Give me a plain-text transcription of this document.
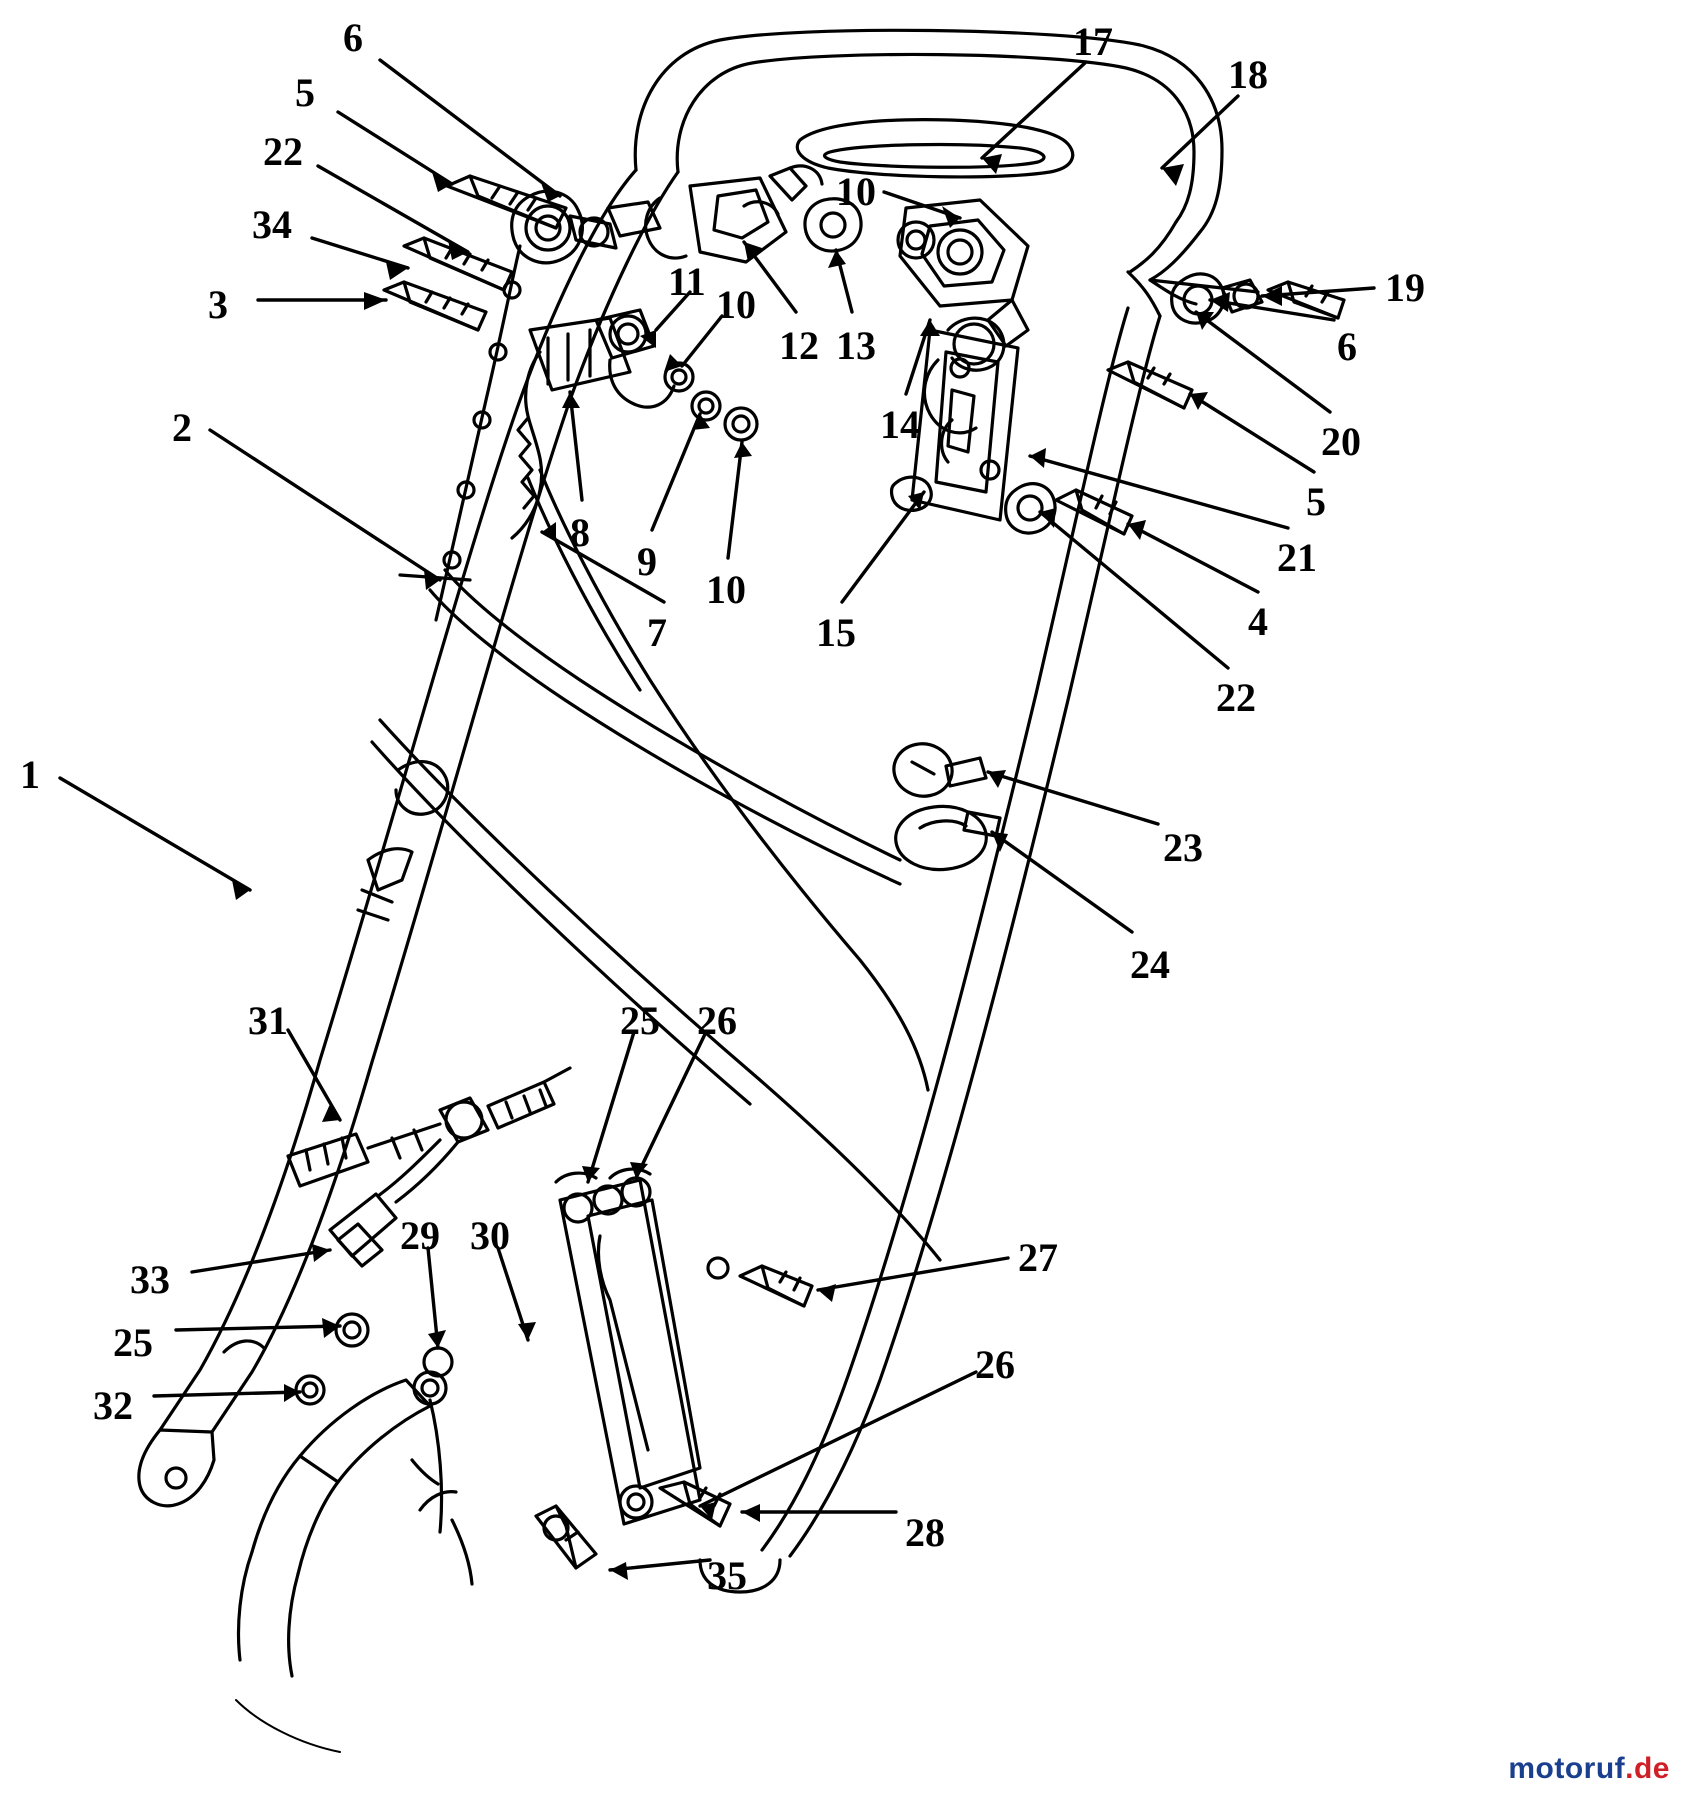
6	17
18
5
22
10
34
3	19
11
10
6
12 13
14	20
2
5
8
9	21
10
4
7	15
22
1
23
24
31	25 26
29 30	27
33
25	26
32
28
35
motoruf.de
